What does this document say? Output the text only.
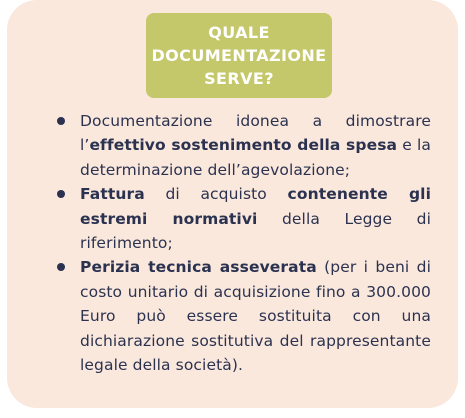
QUALE
DOCUMENTAZIONE
SERVE?
Documentazione idonea a dimostrare l’effettivo sostenimento della spesa e la determinazione dell’agevolazione;
Fattura di acquisto contenente gli estremi normativi della Legge di riferimento;
Perizia tecnica asseverata (per i beni di costo unitario di acquisizione fino a 300.000 Euro può essere sostituita con una dichiarazione sostitutiva del rappresentante legale della società).
